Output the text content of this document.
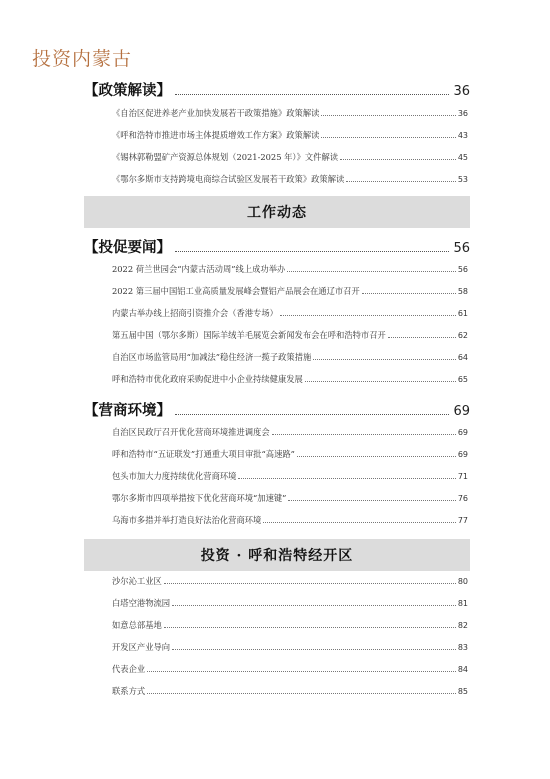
投资内蒙古
【政策解读】	36
《自治区促进养老产业加快发展若干政策措施》政策解读	36
《呼和浩特市推进市场主体提质增效工作方案》政策解读	43
《锡林郭勒盟矿产资源总体规划（2021-2025 年）》文件解读	45
《鄂尔多斯市支持跨境电商综合试验区发展若干政策》政策解读	53
工作动态
【投促要闻】	56
2022 荷兰世园会“内蒙古活动周”线上成功举办	56
2022 第三届中国铝工业高质量发展峰会暨铝产品展会在通辽市召开	58
内蒙古举办线上招商引资推介会（香港专场）	61
第五届中国（鄂尔多斯）国际羊绒羊毛展览会新闻发布会在呼和浩特市召开	62
自治区市场监管局用“加减法”稳住经济一揽子政策措施	64
呼和浩特市优化政府采购促进中小企业持续健康发展	65
【营商环境】	69
自治区民政厅召开优化营商环境推进调度会	69
呼和浩特市“五证联发”打通重大项目审批“高速路”	69
包头市加大力度持续优化营商环境	71
鄂尔多斯市四项举措按下优化营商环境“加速键”	76
乌海市多措并举打造良好法治化营商环境	77
投资 · 呼和浩特经开区
沙尔沁工业区	80
白塔空港物流园	81
如意总部基地	82
开发区产业导向	83
代表企业	84
联系方式	85
